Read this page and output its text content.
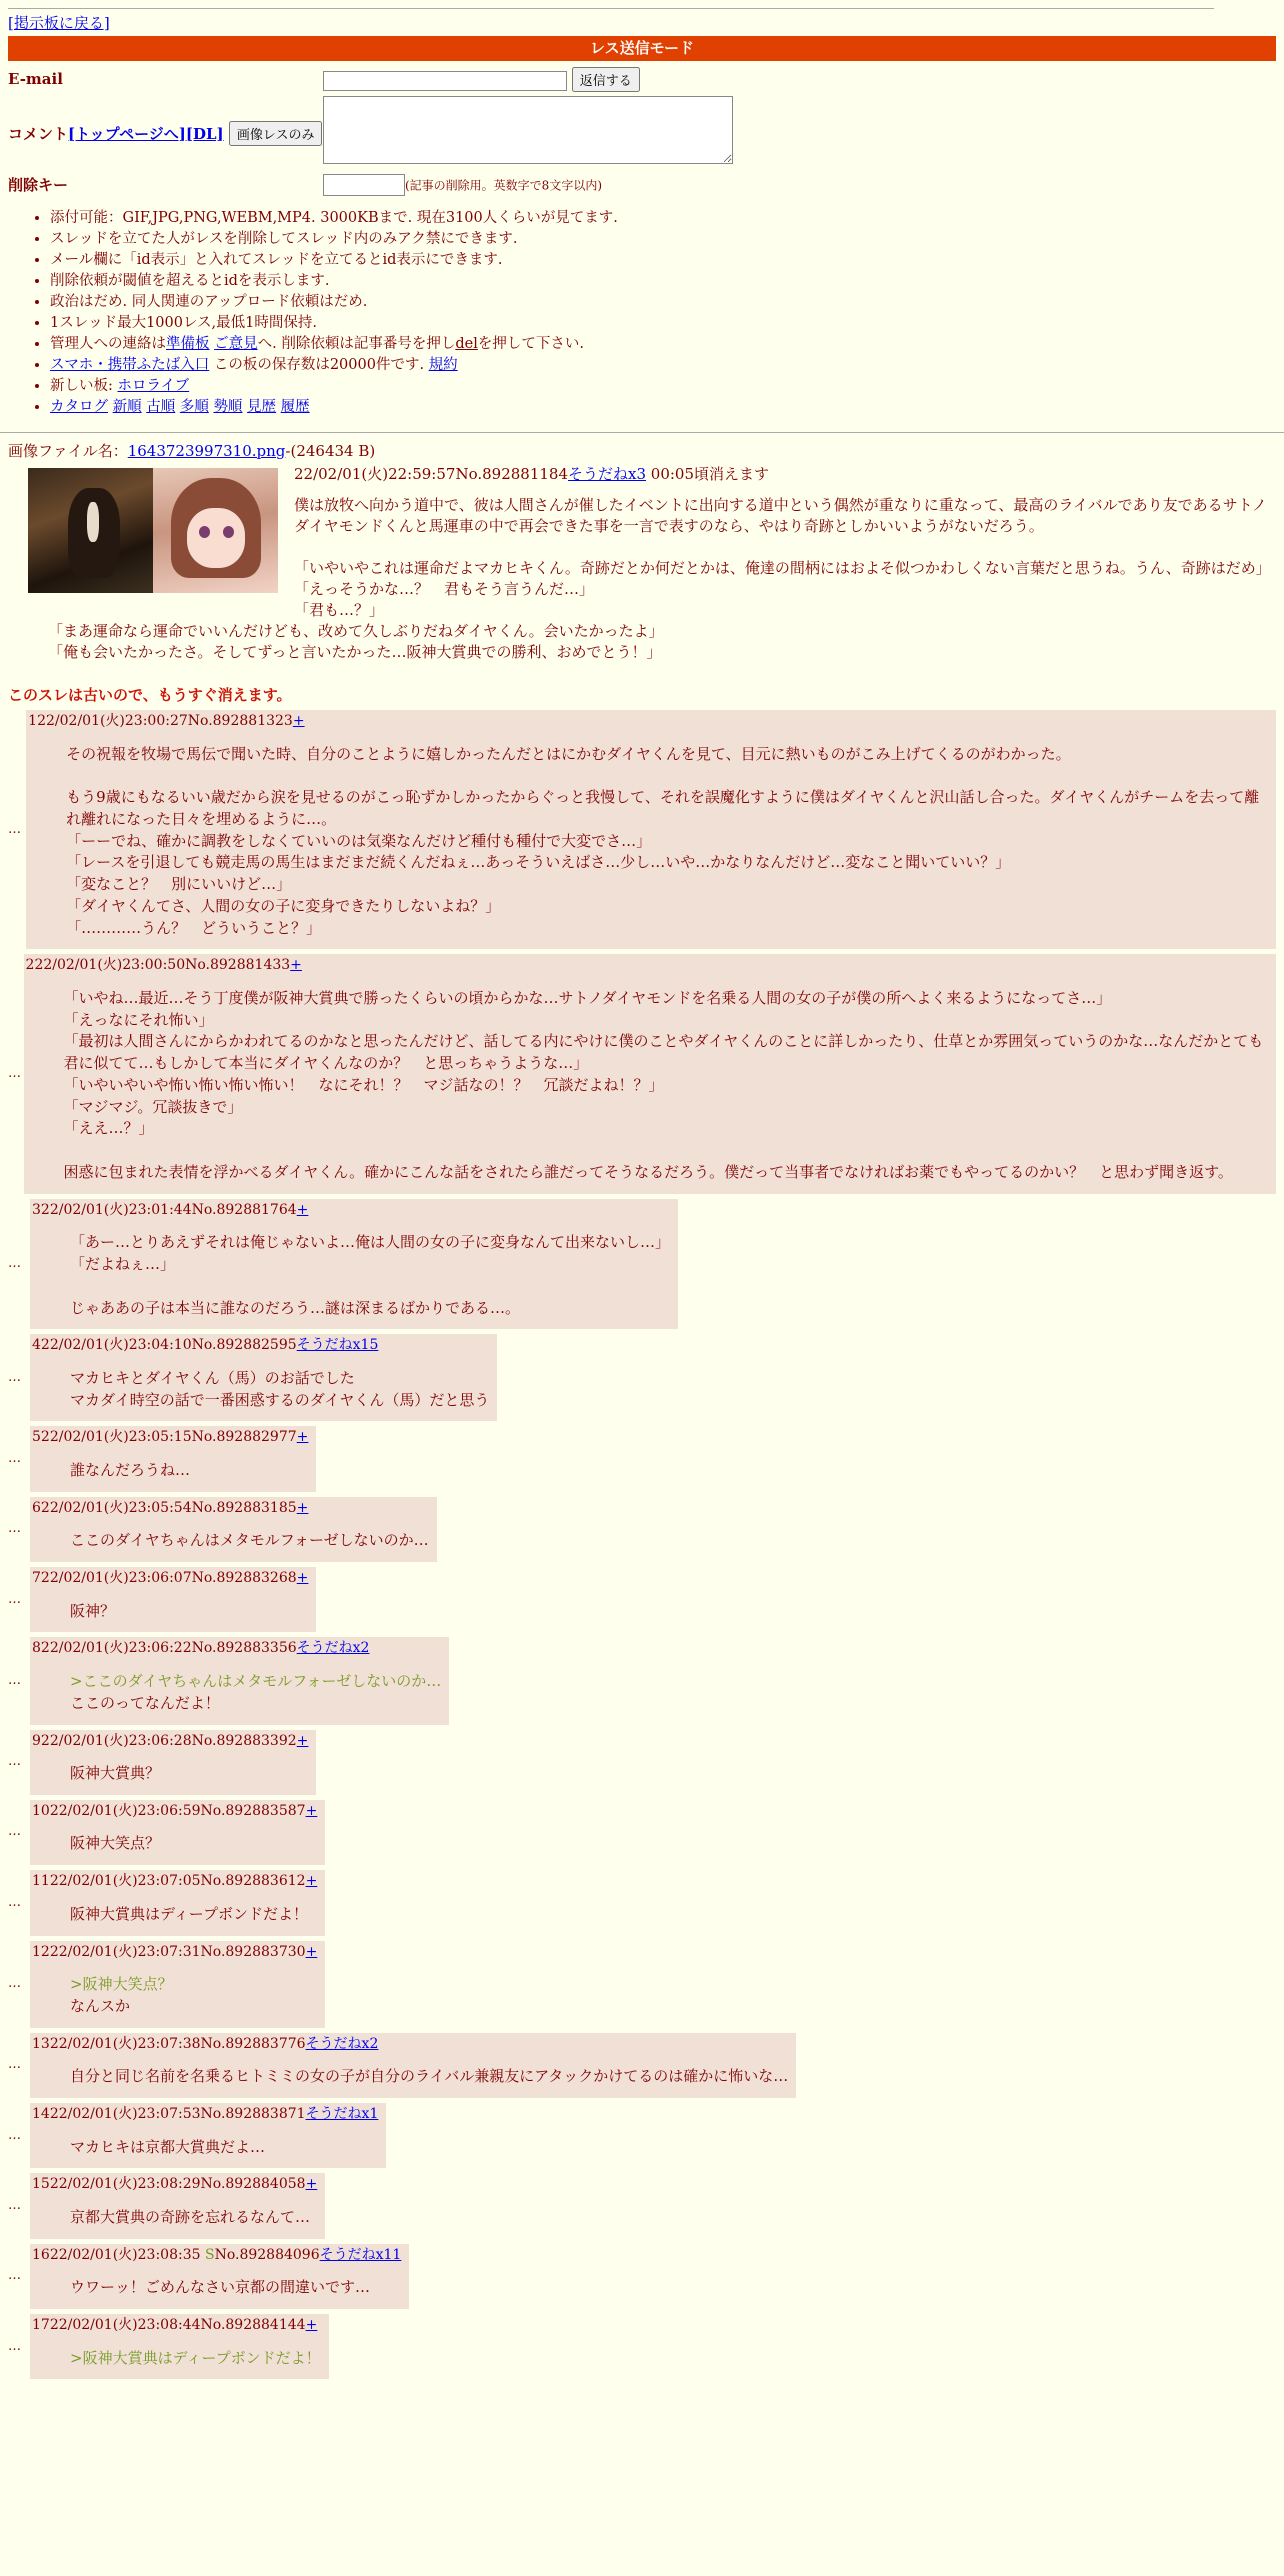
[掲示板に戻る]
レス送信モード
E-mail	返信する
コメント[トップページへ][DL] 画像レスのみ	
削除キー	(記事の削除用。英数字で8文字以内)
• 添付可能：GIF,JPG,PNG,WEBM,MP4. 3000KBまで. 現在3100人くらいが見てます.
• スレッドを立てた人がレスを削除してスレッド内のみアク禁にできます.
• メール欄に「id表示」と入れてスレッドを立てるとid表示にできます.
• 削除依頼が閾値を超えるとidを表示します.
• 政治はだめ. 同人関連のアップロード依頼はだめ.
• 1スレッド最大1000レス,最低1時間保持.
• 管理人への連絡は準備板 ご意見へ. 削除依頼は記事番号を押しdelを押して下さい.
• スマホ・携帯ふたば入口 この板の保存数は20000件です. 規約
• 新しい板: ホロライブ
• カタログ 新順 古順 多順 勢順 見歴 履歴
画像ファイル名：1643723997310.png-(246434 B)
22/02/01(火)22:59:57No.892881184そうだねx3 00:05頃消えます
僕は放牧へ向かう道中で、彼は人間さんが催したイベントに出向する道中という偶然が重なりに重なって、最高のライバルであり友であるサトノダイヤモンドくんと馬運車の中で再会できた事を一言で表すのなら、やはり奇跡としかいいようがないだろう。

「いやいやこれは運命だよマカヒキくん。奇跡だとか何だとかは、俺達の間柄にはおよそ似つかわしくない言葉だと思うね。うん、奇跡はだめ」
「えっそうかな…？　君もそう言うんだ…」
「君も…？」
「まあ運命なら運命でいいんだけども、改めて久しぶりだねダイヤくん。会いたかったよ」
「俺も会いたかったさ。そしてずっと言いたかった…阪神大賞典での勝利、おめでとう！」
このスレは古いので、もうすぐ消えます。
…
122/02/01(火)23:00:27No.892881323+
その祝報を牧場で馬伝で聞いた時、自分のことように嬉しかったんだとはにかむダイヤくんを見て、目元に熱いものがこみ上げてくるのがわかった。

もう9歳にもなるいい歳だから涙を見せるのがこっ恥ずかしかったからぐっと我慢して、それを誤魔化すように僕はダイヤくんと沢山話し合った。ダイヤくんがチームを去って離れ離れになった日々を埋めるように…。
「ーーでね、確かに調教をしなくていいのは気楽なんだけど種付も種付で大変でさ…」
「レースを引退しても競走馬の馬生はまだまだ続くんだねぇ…あっそういえばさ…少し…いや…かなりなんだけど…変なこと聞いていい？」
「変なこと？　別にいいけど…」
「ダイヤくんてさ、人間の女の子に変身できたりしないよね？」
「…………うん？　どういうこと？」
…
222/02/01(火)23:00:50No.892881433+
「いやね…最近…そう丁度僕が阪神大賞典で勝ったくらいの頃からかな…サトノダイヤモンドを名乗る人間の女の子が僕の所へよく来るようになってさ…」
「えっなにそれ怖い」
「最初は人間さんにからかわれてるのかなと思ったんだけど、話してる内にやけに僕のことやダイヤくんのことに詳しかったり、仕草とか雰囲気っていうのかな…なんだかとても君に似てて…もしかして本当にダイヤくんなのか？　と思っちゃうような…」
「いやいやいや怖い怖い怖い怖い！　なにそれ！？　マジ話なの！？　冗談だよね！？」
「マジマジ。冗談抜きで」
「ええ…？」

困惑に包まれた表情を浮かべるダイヤくん。確かにこんな話をされたら誰だってそうなるだろう。僕だって当事者でなければお薬でもやってるのかい？　と思わず聞き返す。
…
322/02/01(火)23:01:44No.892881764+
「あー…とりあえずそれは俺じゃないよ…俺は人間の女の子に変身なんて出来ないし…」
「だよねぇ…」

じゃああの子は本当に誰なのだろう…謎は深まるばかりである…。
…
422/02/01(火)23:04:10No.892882595そうだねx15
マカヒキとダイヤくん（馬）のお話でした
マカダイ時空の話で一番困惑するのダイヤくん（馬）だと思う
…
522/02/01(火)23:05:15No.892882977+
誰なんだろうね…
…
622/02/01(火)23:05:54No.892883185+
ここのダイヤちゃんはメタモルフォーゼしないのか…
…
722/02/01(火)23:06:07No.892883268+
阪神？
…
822/02/01(火)23:06:22No.892883356そうだねx2
>ここのダイヤちゃんはメタモルフォーゼしないのか…
ここのってなんだよ！
…
922/02/01(火)23:06:28No.892883392+
阪神大賞典？
…
1022/02/01(火)23:06:59No.892883587+
阪神大笑点？
…
1122/02/01(火)23:07:05No.892883612+
阪神大賞典はディープボンドだよ！
…
1222/02/01(火)23:07:31No.892883730+
>阪神大笑点？
なんスか
…
1322/02/01(火)23:07:38No.892883776そうだねx2
自分と同じ名前を名乗るヒトミミの女の子が自分のライバル兼親友にアタックかけてるのは確かに怖いな…
…
1422/02/01(火)23:07:53No.892883871そうだねx1
マカヒキは京都大賞典だよ…
…
1522/02/01(火)23:08:29No.892884058+
京都大賞典の奇跡を忘れるなんて…
…
1622/02/01(火)23:08:35 SNo.892884096そうだねx11
ウワーッ！ごめんなさい京都の間違いです…
…
1722/02/01(火)23:08:44No.892884144+
>阪神大賞典はディープボンドだよ！
